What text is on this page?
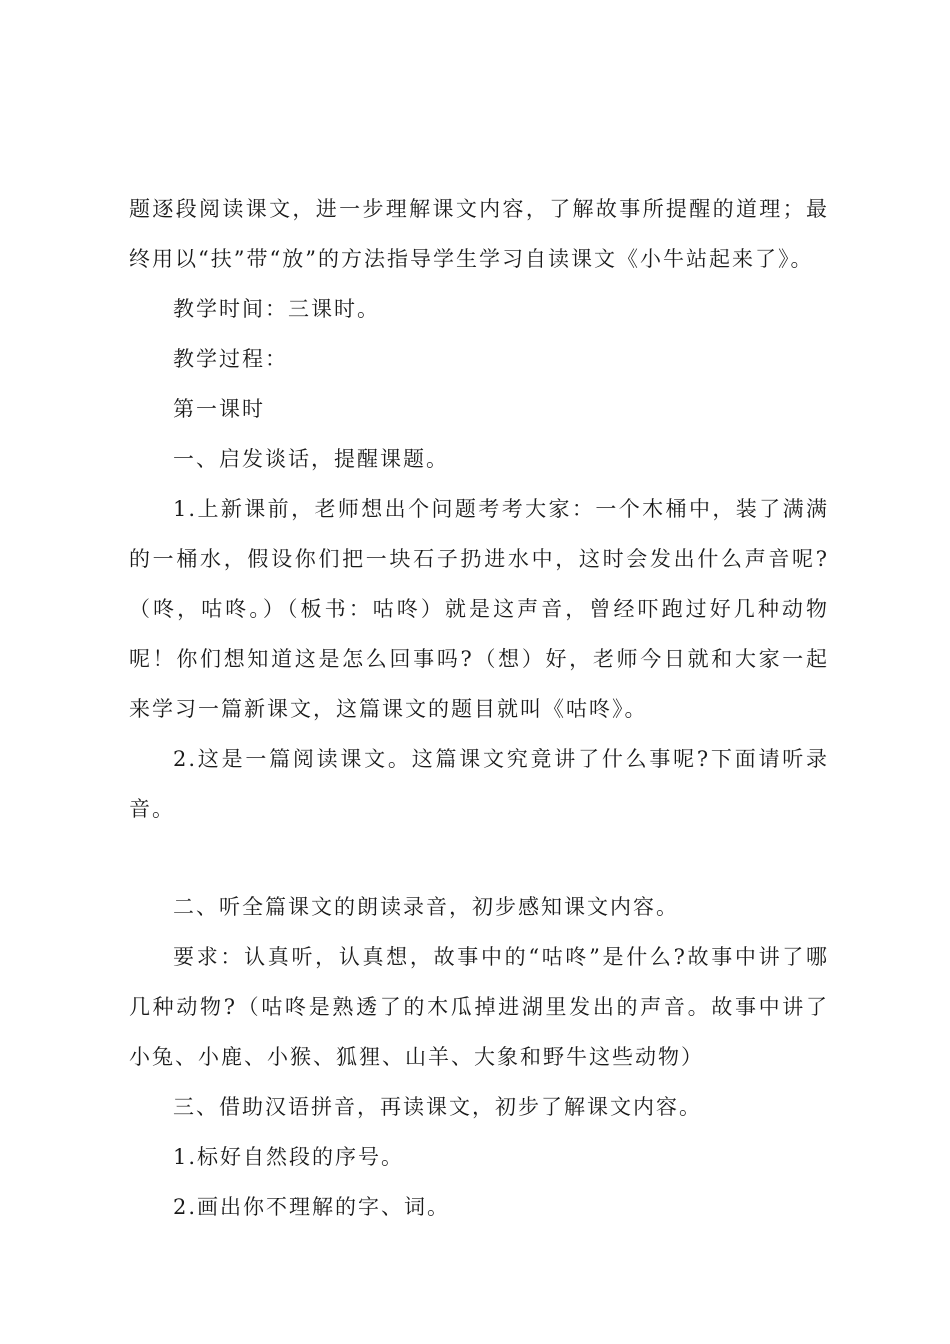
题逐段阅读课文，进一步理解课文内容，了解故事所提醒的道理；最终用以“扶”带“放”的方法指导学生学习自读课文《小牛站起来了》。

教学时间：三课时。

教学过程：

第一课时

一、启发谈话，提醒课题。

1.上新课前，老师想出个问题考考大家：一个木桶中，装了满满的一桶水，假设你们把一块石子扔进水中，这时会发出什么声音呢?（咚，咕咚。）（板书：咕咚）就是这声音，曾经吓跑过好几种动物呢！你们想知道这是怎么回事吗?（想）好，老师今日就和大家一起来学习一篇新课文，这篇课文的题目就叫《咕咚》。

2.这是一篇阅读课文。这篇课文究竟讲了什么事呢?下面请听录音。

二、听全篇课文的朗读录音，初步感知课文内容。

要求：认真听，认真想，故事中的“咕咚”是什么?故事中讲了哪几种动物?（咕咚是熟透了的木瓜掉进湖里发出的声音。故事中讲了小兔、小鹿、小猴、狐狸、山羊、大象和野牛这些动物）

三、借助汉语拼音，再读课文，初步了解课文内容。

1.标好自然段的序号。

2.画出你不理解的字、词。
